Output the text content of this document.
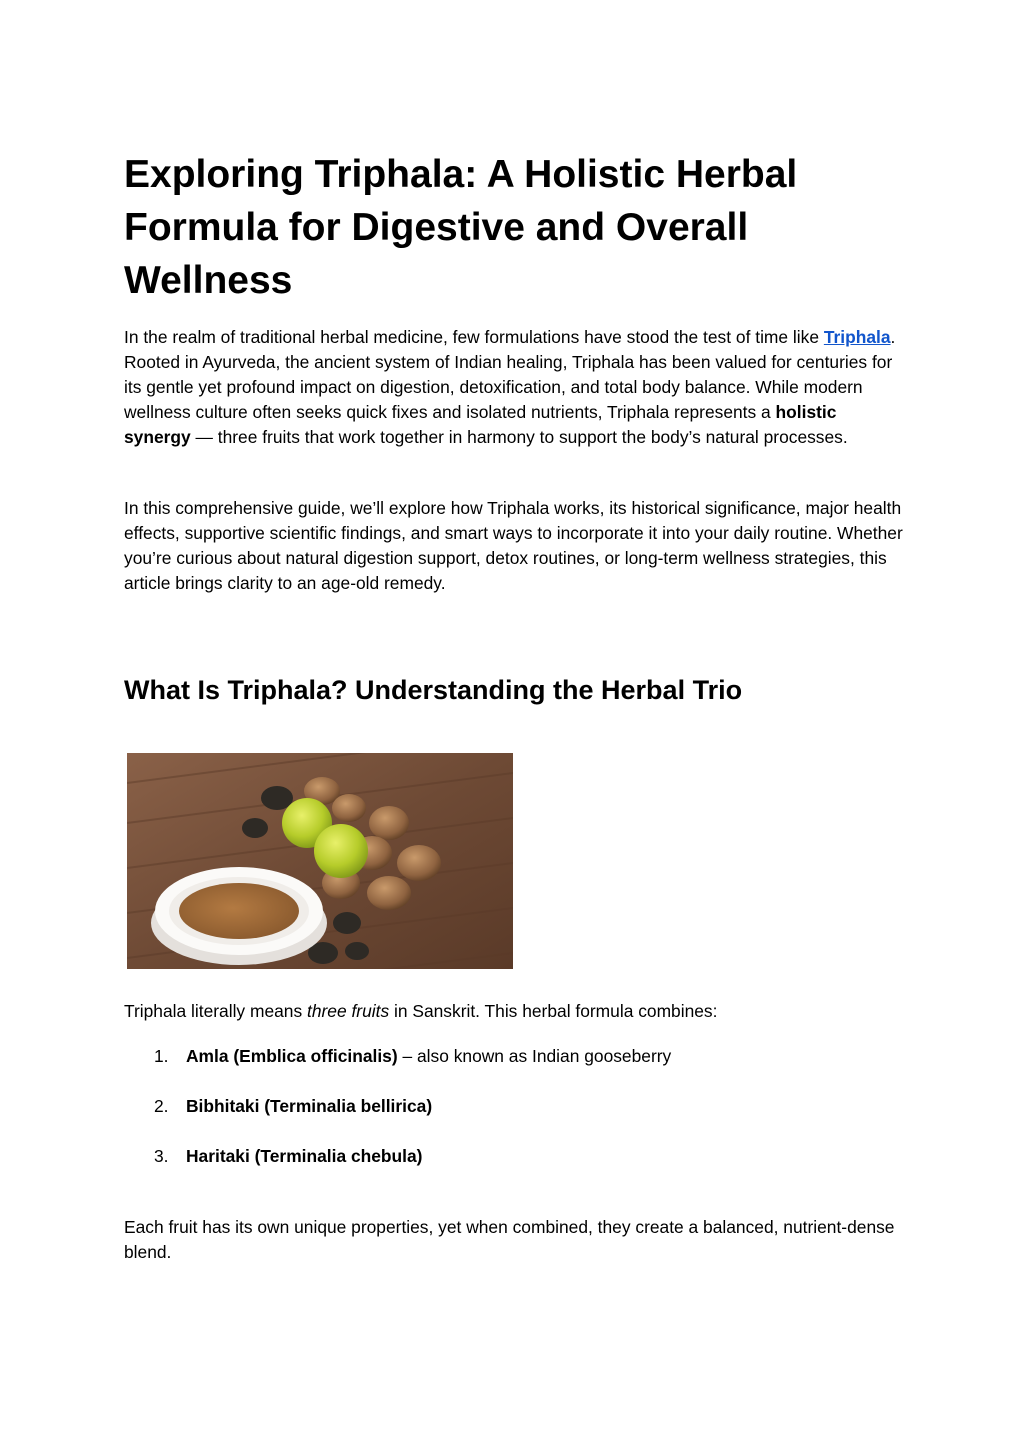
Exploring Triphala: A Holistic Herbal Formula for Digestive and Overall Wellness

In the realm of traditional herbal medicine, few formulations have stood the test of time like Triphala. Rooted in Ayurveda, the ancient system of Indian healing, Triphala has been valued for centuries for its gentle yet profound impact on digestion, detoxification, and total body balance. While modern wellness culture often seeks quick fixes and isolated nutrients, Triphala represents a holistic synergy — three fruits that work together in harmony to support the body’s natural processes.

In this comprehensive guide, we’ll explore how Triphala works, its historical significance, major health effects, supportive scientific findings, and smart ways to incorporate it into your daily routine. Whether you’re curious about natural digestion support, detox routines, or long-term wellness strategies, this article brings clarity to an age-old remedy.

What Is Triphala? Understanding the Herbal Trio

Triphala literally means three fruits in Sanskrit. This herbal formula combines:

1. Amla (Emblica officinalis) – also known as Indian gooseberry
2. Bibhitaki (Terminalia bellirica)
3. Haritaki (Terminalia chebula)

Each fruit has its own unique properties, yet when combined, they create a balanced, nutrient-dense blend.
